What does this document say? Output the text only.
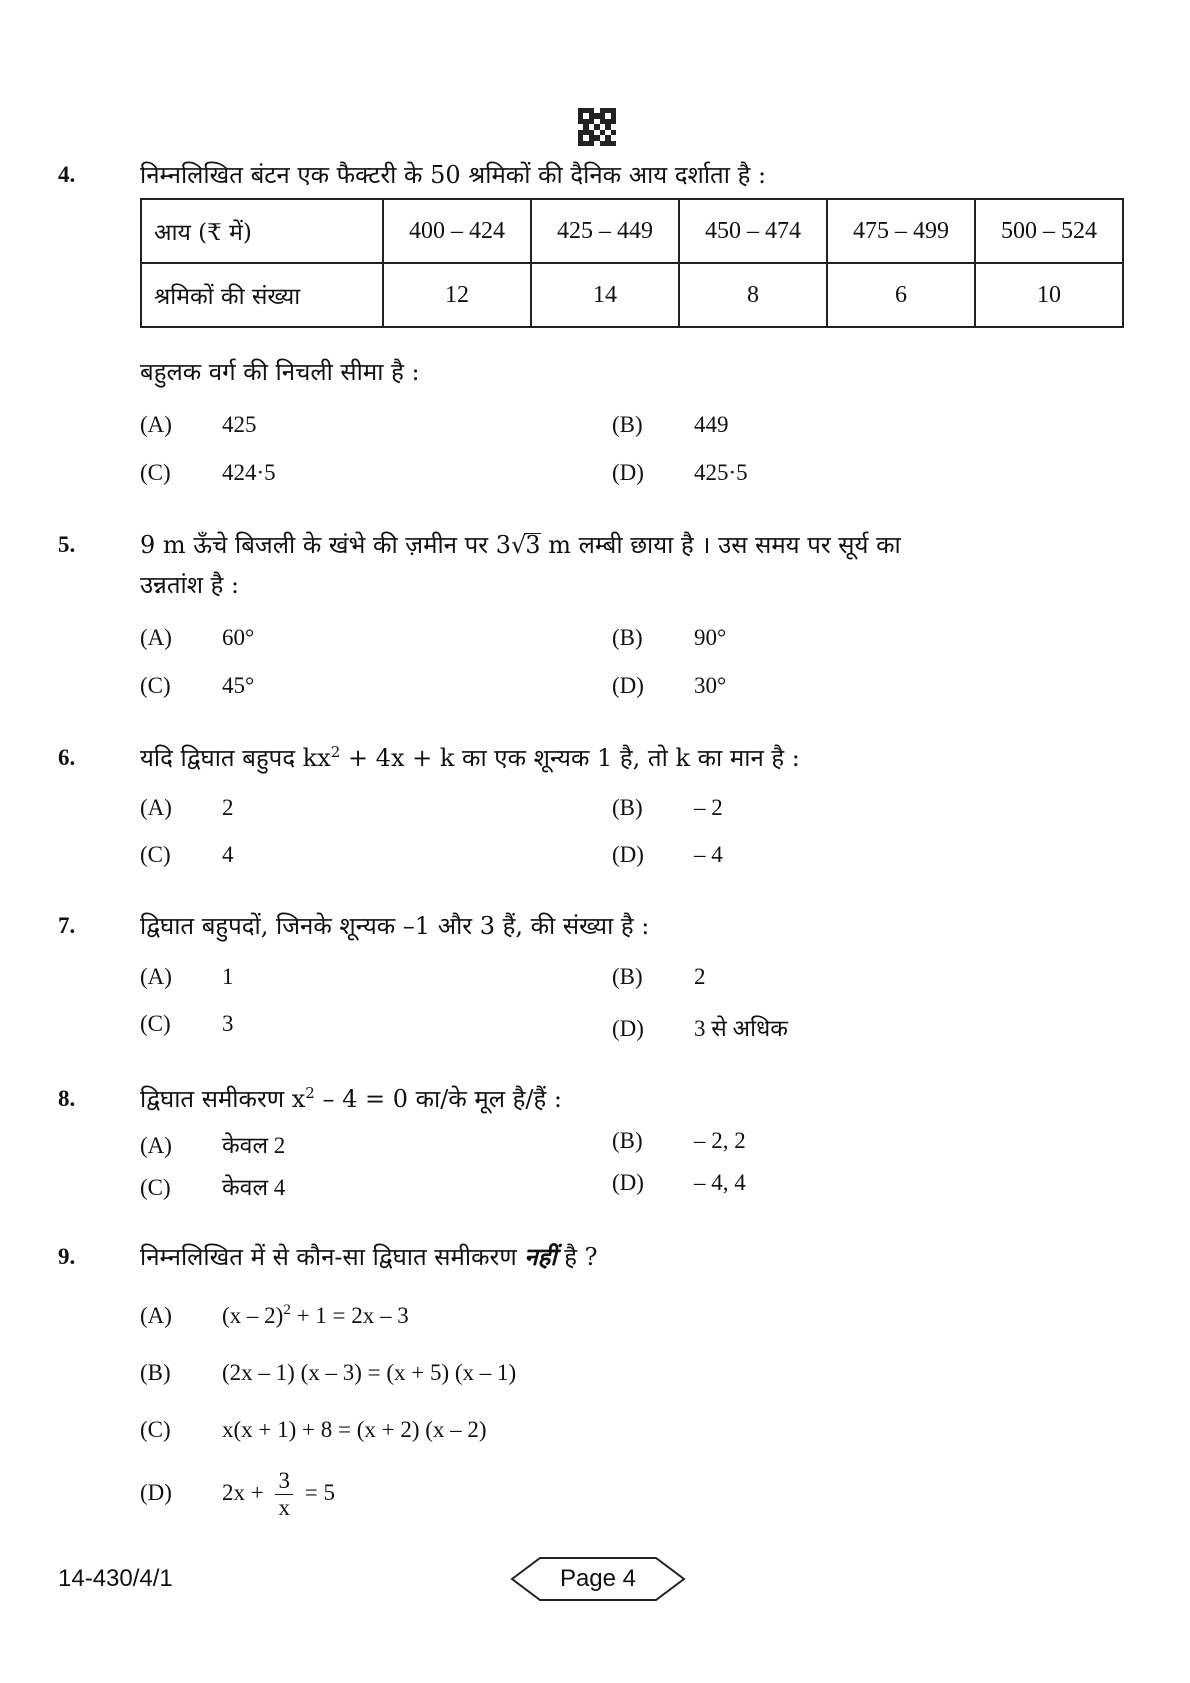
4.	निम्नलिखित बंटन एक फैक्टरी के 50 श्रमिकों की दैनिक आय दर्शाता है :
आय (₹ में)	400 – 424	425 – 449	450 – 474	475 – 499	500 – 524
श्रमिकों की संख्या	12	14	8	6	10
बहुलक वर्ग की निचली सीमा है :
(A) 425	(B) 449
(C) 424·5	(D) 425·5
5.	9 m ऊँचे बिजली के खंभे की ज़मीन पर 3√3 m लम्बी छाया है । उस समय पर सूर्य का
उन्नतांश है :
(A) 60°	(B) 90°
(C) 45°	(D) 30°
6.	यदि द्विघात बहुपद $kx^2 + 4x + k$ का एक शून्यक 1 है, तो k का मान है :
(A) 2	(B) – 2
(C) 4	(D) – 4
7.	द्विघात बहुपदों, जिनके शून्यक –1 और 3 हैं, की संख्या है :
(A) 1	(B) 2
(C) 3	(D) 3 से अधिक
8.	द्विघात समीकरण $x^2 - 4 = 0$ का/के मूल है/हैं :
(A) केवल 2	(B) – 2, 2
(C) केवल 4	(D) – 4, 4
9.	निम्नलिखित में से कौन-सा द्विघात समीकरण नहीं है ?
(A) (x – 2)$^2$ + 1 = 2x – 3
(B) (2x – 1) (x – 3) = (x + 5) (x – 1)
(C) x(x + 1) + 8 = (x + 2) (x – 2)
(D) $2x + \frac{3}{x} = 5$
14-430/4/1	Page 4
